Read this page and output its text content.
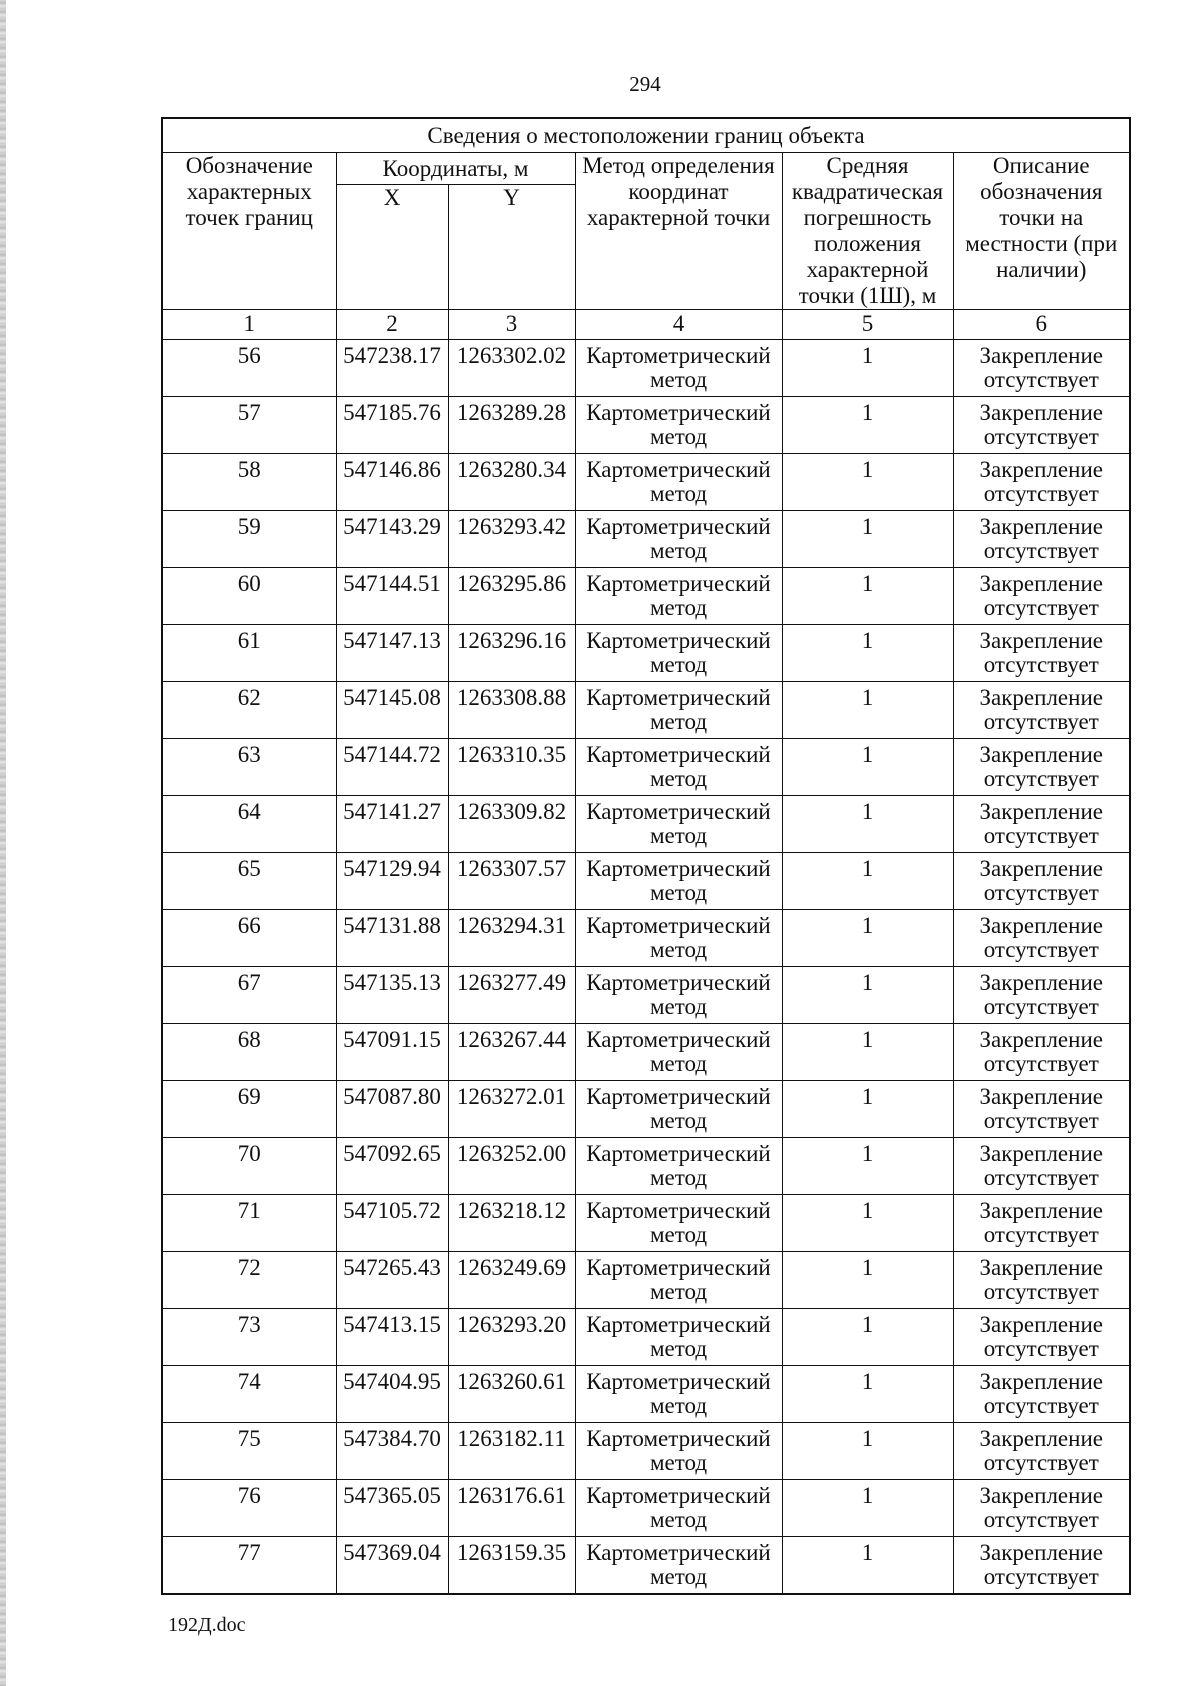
294
Сведения о местоположении границ объекта					
Обозначение характерных точек границ	Координаты, м		Метод определения координат характерной точки	Средняя квадратическая погрешность положения характерной точки (1Ш), м	Описание обозначения точки на местности (при наличии)
	X	Y			
1	2	3	4	5	6
56	547238.17	1263302.02	Картометрический метод	1	Закрепление отсутствует
57	547185.76	1263289.28	Картометрический метод	1	Закрепление отсутствует
58	547146.86	1263280.34	Картометрический метод	1	Закрепление отсутствует
59	547143.29	1263293.42	Картометрический метод	1	Закрепление отсутствует
60	547144.51	1263295.86	Картометрический метод	1	Закрепление отсутствует
61	547147.13	1263296.16	Картометрический метод	1	Закрепление отсутствует
62	547145.08	1263308.88	Картометрический метод	1	Закрепление отсутствует
63	547144.72	1263310.35	Картометрический метод	1	Закрепление отсутствует
64	547141.27	1263309.82	Картометрический метод	1	Закрепление отсутствует
65	547129.94	1263307.57	Картометрический метод	1	Закрепление отсутствует
66	547131.88	1263294.31	Картометрический метод	1	Закрепление отсутствует
67	547135.13	1263277.49	Картометрический метод	1	Закрепление отсутствует
68	547091.15	1263267.44	Картометрический метод	1	Закрепление отсутствует
69	547087.80	1263272.01	Картометрический метод	1	Закрепление отсутствует
70	547092.65	1263252.00	Картометрический метод	1	Закрепление отсутствует
71	547105.72	1263218.12	Картометрический метод	1	Закрепление отсутствует
72	547265.43	1263249.69	Картометрический метод	1	Закрепление отсутствует
73	547413.15	1263293.20	Картометрический метод	1	Закрепление отсутствует
74	547404.95	1263260.61	Картометрический метод	1	Закрепление отсутствует
75	547384.70	1263182.11	Картометрический метод	1	Закрепление отсутствует
76	547365.05	1263176.61	Картометрический метод	1	Закрепление отсутствует
77	547369.04	1263159.35	Картометрический метод	1	Закрепление отсутствует
192Д.doc
